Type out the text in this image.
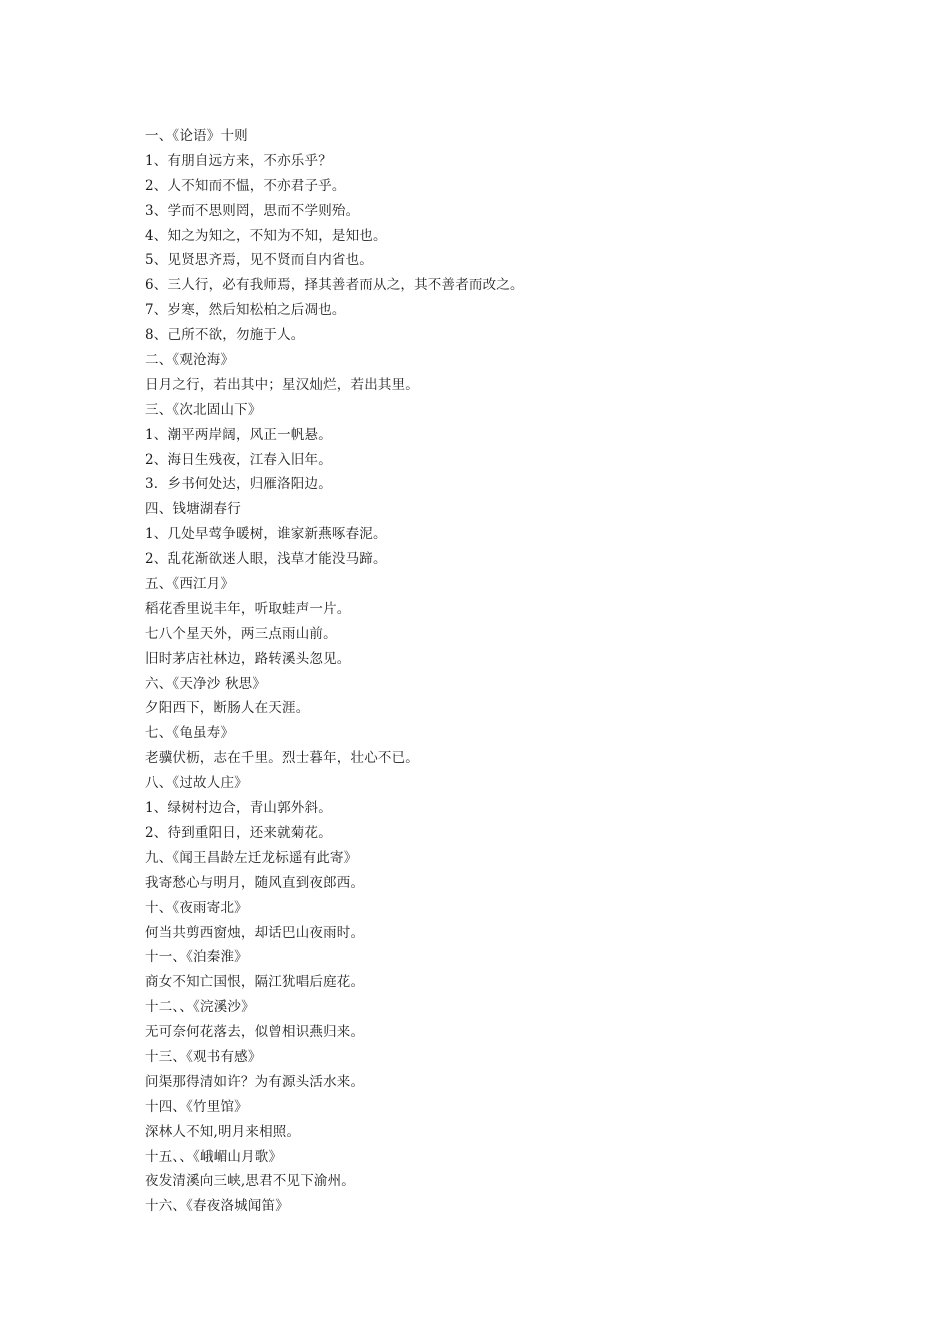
一、《论语》十则
1、有朋自远方来，不亦乐乎？
2、人不知而不愠，不亦君子乎。
3、学而不思则罔，思而不学则殆。
4、知之为知之，不知为不知，是知也。
5、见贤思齐焉，见不贤而自内省也。
6、三人行，必有我师焉，择其善者而从之，其不善者而改之。
7、岁寒，然后知松柏之后凋也。
8、己所不欲，勿施于人。
二、《观沧海》
日月之行，若出其中；星汉灿烂，若出其里。
三、《次北固山下》
1、潮平两岸阔，风正一帆悬。
2、海日生残夜，江春入旧年。
3．乡书何处达，归雁洛阳边。
四、钱塘湖春行
1、几处早莺争暖树，谁家新燕啄春泥。
2、乱花渐欲迷人眼，浅草才能没马蹄。
五、《西江月》
稻花香里说丰年，听取蛙声一片。
七八个星天外，两三点雨山前。
旧时茅店社林边，路转溪头忽见。
六、《天净沙 秋思》
夕阳西下，断肠人在天涯。
七、《龟虽寿》
老骥伏枥，志在千里。烈士暮年，壮心不已。
八、《过故人庄》
1、绿树村边合，青山郭外斜。
2、待到重阳日，还来就菊花。
九、《闻王昌龄左迁龙标遥有此寄》
我寄愁心与明月，随风直到夜郎西。
十、《夜雨寄北》
何当共剪西窗烛，却话巴山夜雨时。
十一、《泊秦淮》
商女不知亡国恨，隔江犹唱后庭花。
十二、、《浣溪沙》
无可奈何花落去，似曾相识燕归来。
十三、《观书有感》
问渠那得清如许？为有源头活水来。
十四、《竹里馆》
深林人不知,明月来相照。
十五、、《峨嵋山月歌》
夜发清溪向三峡,思君不见下渝州。
十六、《春夜洛城闻笛》
